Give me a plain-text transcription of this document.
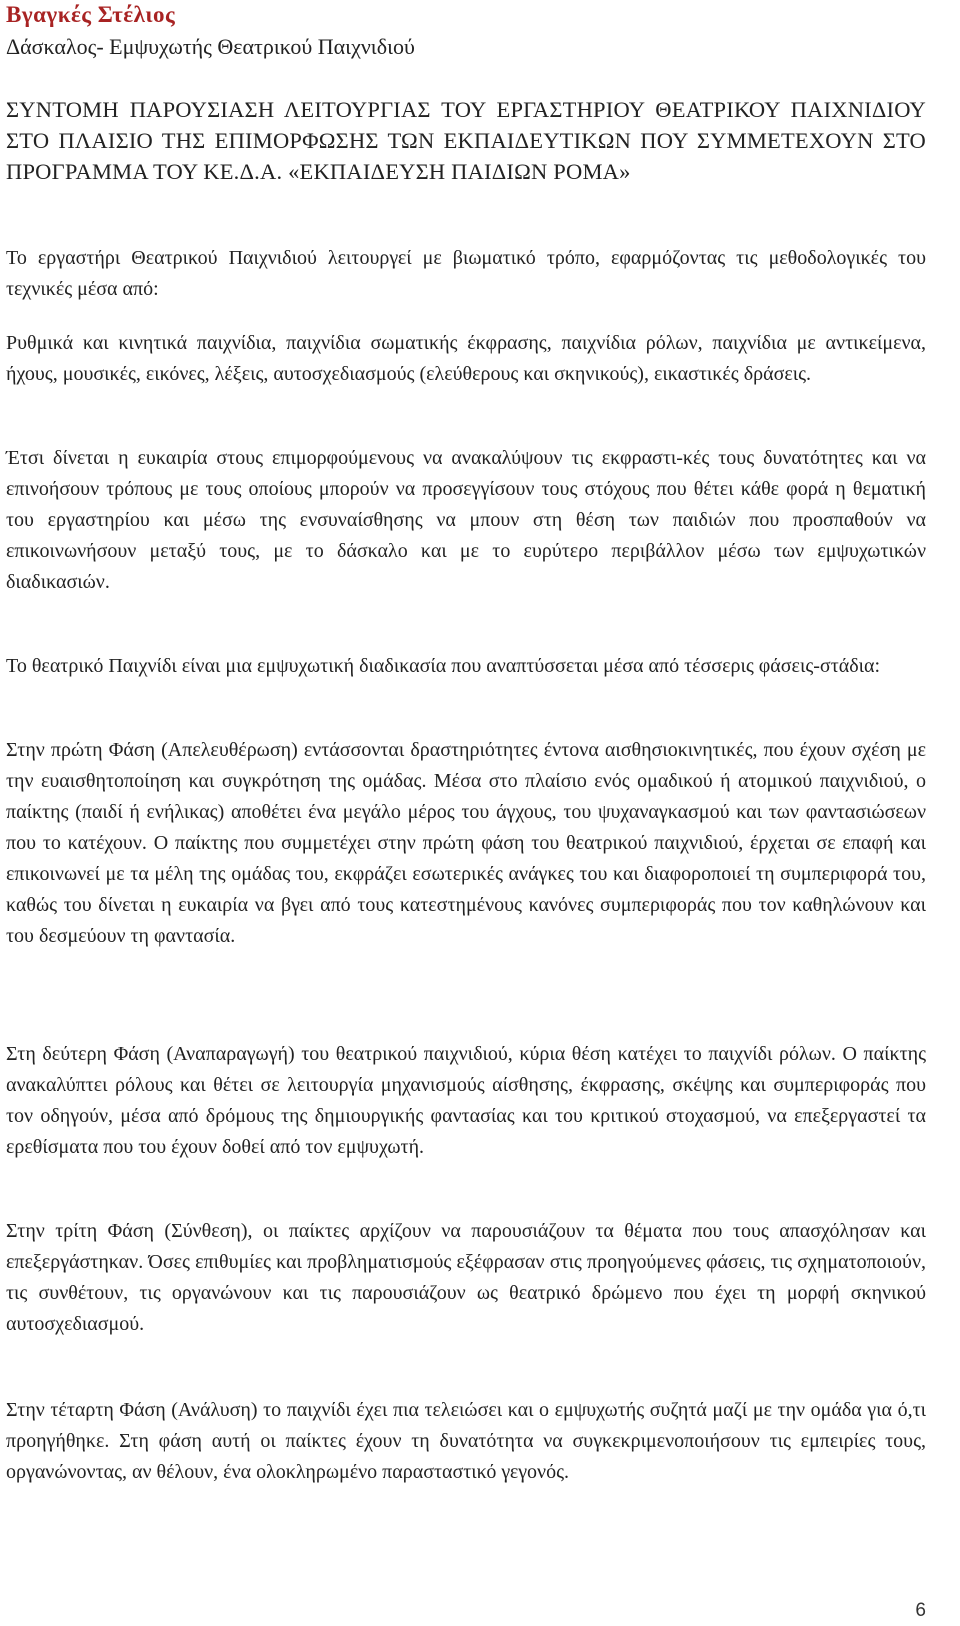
Βγαγκές Στέλιος
Δάσκαλος- Εμψυχωτής Θεατρικού Παιχνιδιού
ΣΥΝΤΟΜΗ ΠΑΡΟΥΣΙΑΣΗ ΛΕΙΤΟΥΡΓΙΑΣ ΤΟΥ ΕΡΓΑΣΤΗΡΙΟΥ ΘΕΑΤΡΙΚΟΥ ΠΑΙΧΝΙΔΙΟΥ ΣΤΟ ΠΛΑΙΣΙΟ ΤΗΣ ΕΠΙΜΟΡΦΩΣΗΣ ΤΩΝ ΕΚΠΑΙΔΕΥΤΙΚΩΝ ΠΟΥ ΣΥΜΜΕΤΕΧΟΥΝ ΣΤΟ ΠΡΟΓΡΑΜΜΑ ΤΟΥ ΚΕ.Δ.Α. «ΕΚΠΑΙΔΕΥΣΗ ΠΑΙΔΙΩΝ ΡΟΜΑ»

Το εργαστήρι Θεατρικού Παιχνιδιού λειτουργεί με βιωματικό τρόπο, εφαρμόζοντας τις μεθοδολογικές του τεχνικές μέσα από:

Ρυθμικά και κινητικά παιχνίδια, παιχνίδια σωματικής έκφρασης, παιχνίδια ρόλων, παιχνίδια με αντικείμενα, ήχους, μουσικές, εικόνες, λέξεις, αυτοσχεδιασμούς (ελεύθερους και σκηνικούς), εικαστικές δράσεις.

Έτσι δίνεται η ευκαιρία στους επιμορφούμενους να ανακαλύψουν τις εκφραστι-κές τους δυνατότητες και να επινοήσουν τρόπους με τους οποίους μπορούν να προσεγγίσουν τους στόχους που θέτει κάθε φορά η θεματική του εργαστηρίου και μέσω της ενσυναίσθησης να μπουν στη θέση των παιδιών που προσπαθούν να επικοινωνήσουν μεταξύ τους, με το δάσκαλο και με το ευρύτερο περιβάλλον μέσω των εμψυχωτικών διαδικασιών.

Το θεατρικό Παιχνίδι είναι μια εμψυχωτική διαδικασία που αναπτύσσεται μέσα από τέσσερις φάσεις-στάδια:

Στην πρώτη Φάση (Απελευθέρωση) εντάσσονται δραστηριότητες έντονα αισθησιοκινητικές, που έχουν σχέση με την ευαισθητοποίηση και συγκρότηση της ομάδας. Μέσα στο πλαίσιο ενός ομαδικού ή ατομικού παιχνιδιού, ο παίκτης (παιδί ή ενήλικας) αποθέτει ένα μεγάλο μέρος του άγχους, του ψυχαναγκασμού και των φαντασιώσεων που το κατέχουν. Ο παίκτης που συμμετέχει στην πρώτη φάση του θεατρικού παιχνιδιού, έρχεται σε επαφή και επικοινωνεί με τα μέλη της ομάδας του, εκφράζει εσωτερικές ανάγκες του και διαφοροποιεί τη συμπεριφορά του, καθώς του δίνεται η ευκαιρία να βγει από τους κατεστημένους κανόνες συμπεριφοράς που τον καθηλώνουν και του δεσμεύουν τη φαντασία.

Στη δεύτερη Φάση (Αναπαραγωγή) του θεατρικού παιχνιδιού, κύρια θέση κατέχει το παιχνίδι ρόλων. Ο παίκτης ανακαλύπτει ρόλους και θέτει σε λειτουργία μηχανισμούς αίσθησης, έκφρασης, σκέψης και συμπεριφοράς που τον οδηγούν, μέσα από δρόμους της δημιουργικής φαντασίας και του κριτικού στοχασμού, να επεξεργαστεί τα ερεθίσματα που του έχουν δοθεί από τον εμψυχωτή.

Στην τρίτη Φάση (Σύνθεση), οι παίκτες αρχίζουν να παρουσιάζουν τα θέματα που τους απασχόλησαν και επεξεργάστηκαν. Όσες επιθυμίες και προβληματισμούς εξέφρασαν στις προηγούμενες φάσεις, τις σχηματοποιούν, τις συνθέτουν, τις οργανώνουν και τις παρουσιάζουν ως θεατρικό δρώμενο που έχει τη μορφή σκηνικού αυτοσχεδιασμού.

Στην τέταρτη Φάση (Ανάλυση) το παιχνίδι έχει πια τελειώσει και ο εμψυχωτής συζητά μαζί με την ομάδα για ό,τι προηγήθηκε. Στη φάση αυτή οι παίκτες έχουν τη δυνατότητα να συγκεκριμενοποιήσουν τις εμπειρίες τους, οργανώνοντας, αν θέλουν, ένα ολοκληρωμένο παρασταστικό γεγονός.

6
